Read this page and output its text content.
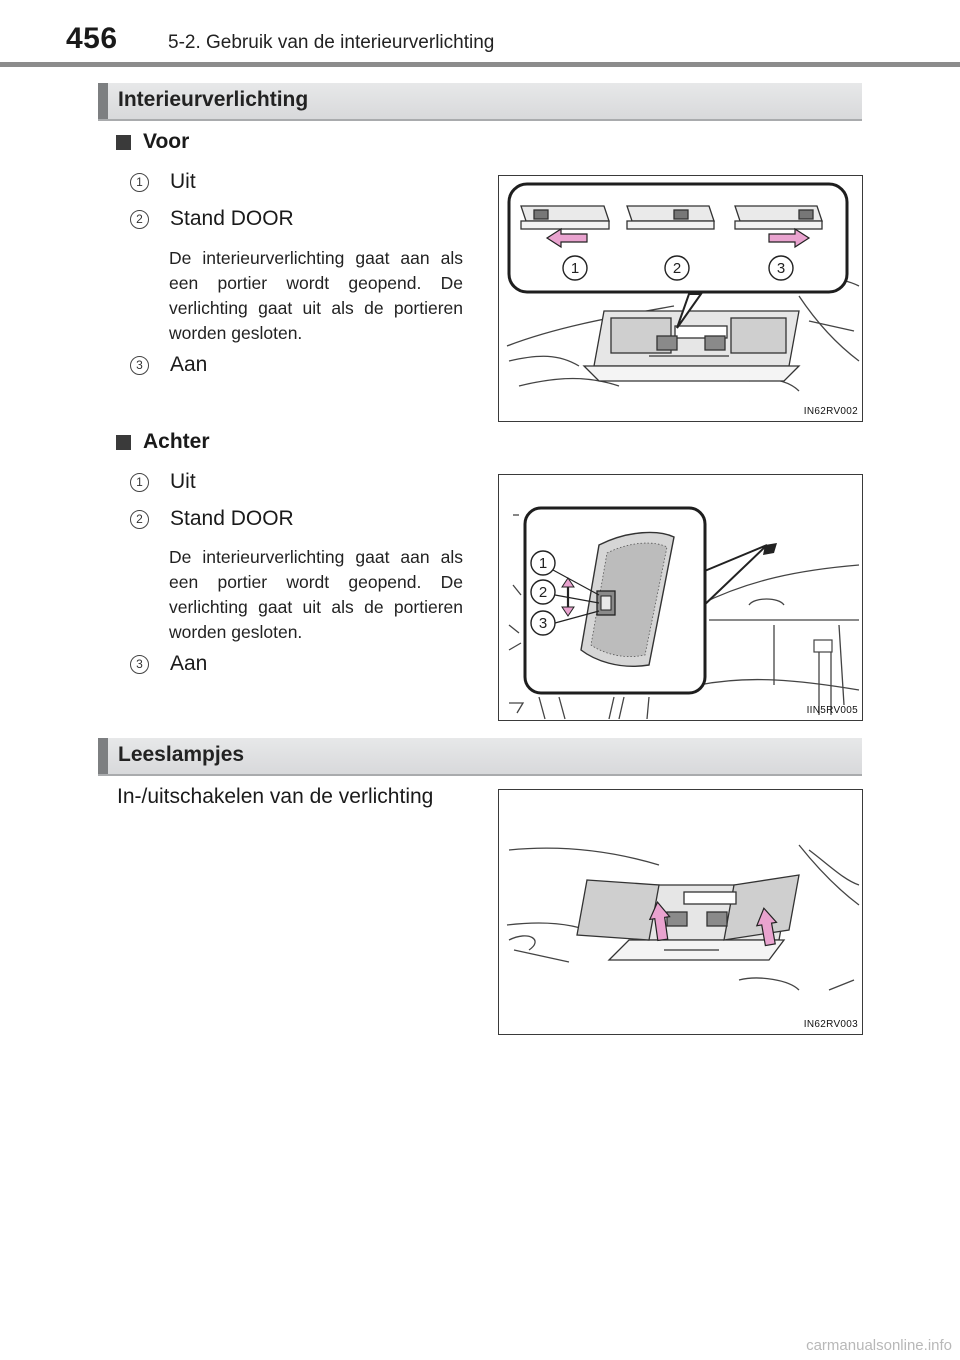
456	5-2. Gebruik van de interieurverlichting
Interieurverlichting
Voor
1 Uit
2 Stand DOOR
De interieurverlichting gaat aan als een portier wordt geopend. De verlichting gaat uit als de portieren worden gesloten.
3 Aan
1	2	3
IN62RV002
Achter
1 Uit
2 Stand DOOR
De interieurverlichting gaat aan als een portier wordt geopend. De verlichting gaat uit als de portieren worden gesloten.
3 Aan
1
2
3
IIN5RV005
Leeslampjes
In-/uitschakelen van de verlichting
IN62RV003
carmanualsonline.info
